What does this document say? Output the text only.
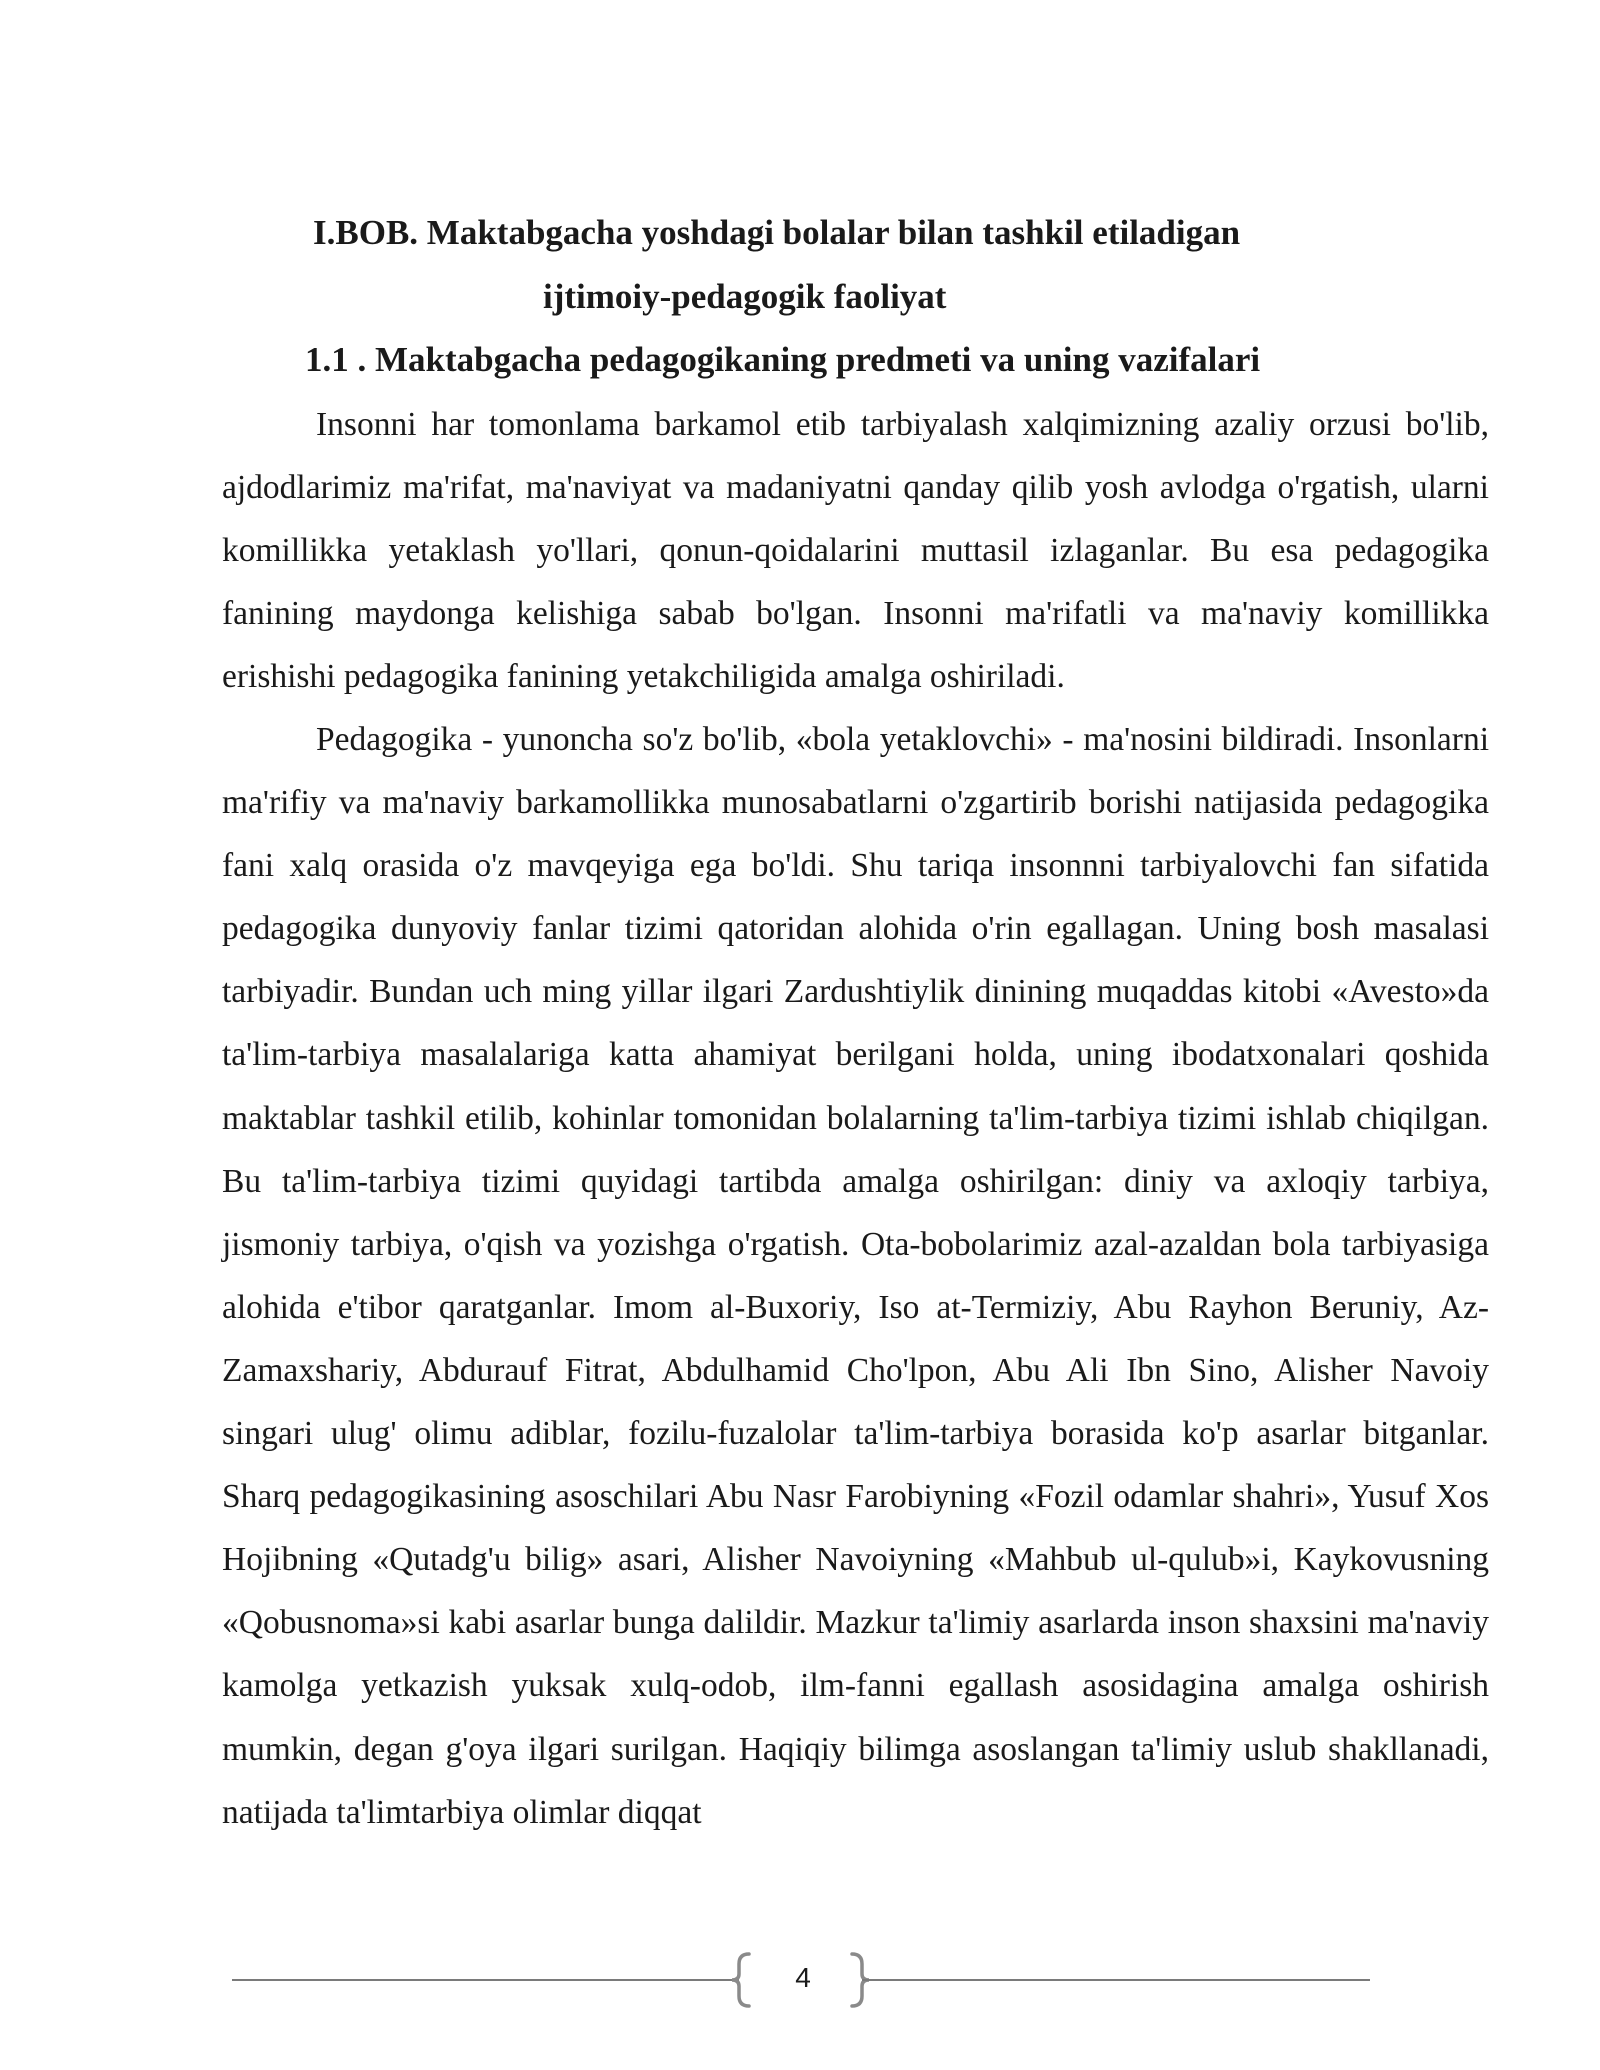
I.BOB. Maktabgacha yoshdagi bolalar bilan tashkil etiladigan
ijtimoiy-pedagogik faoliyat
1.1 . Maktabgacha pedagogikaning predmeti va uning vazifalari

Insonni har tomonlama barkamol etib tarbiyalash xalqimizning azaliy orzusi bo'lib, ajdodlarimiz ma'rifat, ma'naviyat va madaniyatni qanday qilib yosh avlodga o'rgatish, ularni komillikka yetaklash yo'llari, qonun-qoidalarini muttasil izlaganlar. Bu esa pedagogika fanining maydonga kelishiga sabab bo'lgan. Insonni ma'rifatli va ma'naviy komillikka erishishi pedagogika fanining yetakchiligida amalga oshiriladi.

Pedagogika - yunoncha so'z bo'lib, «bola yetaklovchi» - ma'nosini bildiradi. Insonlarni ma'rifiy va ma'naviy barkamollikka munosabatlarni o'zgartirib borishi natijasida pedagogika fani xalq orasida o'z mavqeyiga ega bo'ldi. Shu tariqa insonnni tarbiyalovchi fan sifatida pedagogika dunyoviy fanlar tizimi qatoridan alohida o'rin egallagan. Uning bosh masalasi tarbiyadir. Bundan uch ming yillar ilgari Zardushtiylik dinining muqaddas kitobi «Avesto»da ta'lim-tarbiya masalalariga katta ahamiyat berilgani holda, uning ibodatxonalari qoshida maktablar tashkil etilib, kohinlar tomonidan bolalarning ta'lim-tarbiya tizimi ishlab chiqilgan. Bu ta'lim-tarbiya tizimi quyidagi tartibda amalga oshirilgan: diniy va axloqiy tarbiya, jismoniy tarbiya, o'qish va yozishga o'rgatish. Ota-bobolarimiz azal-azaldan bola tarbiyasiga alohida e'tibor qaratganlar. Imom al-Buxoriy, Iso at-Termiziy, Abu Rayhon Beruniy, Az-Zamaxshariy, Abdurauf Fitrat, Abdulhamid Cho'lpon, Abu Ali Ibn Sino, Alisher Navoiy singari ulug' olimu adiblar, fozilu-fuzalolar ta'lim-tarbiya borasida ko'p asarlar bitganlar. Sharq pedagogikasining asoschilari Abu Nasr Farobiyning «Fozil odamlar shahri», Yusuf Xos Hojibning «Qutadg'u bilig» asari, Alisher Navoiyning «Mahbub ul-qulub»i, Kaykovusning «Qobusnoma»si kabi asarlar bunga dalildir. Mazkur ta'limiy asarlarda inson shaxsini ma'naviy kamolga yetkazish yuksak xulq-odob, ilm-fanni egallash asosidagina amalga oshirish mumkin, degan g'oya ilgari surilgan. Haqiqiy bilimga asoslangan ta'limiy uslub shakllanadi, natijada ta'limtarbiya olimlar diqqat

4
